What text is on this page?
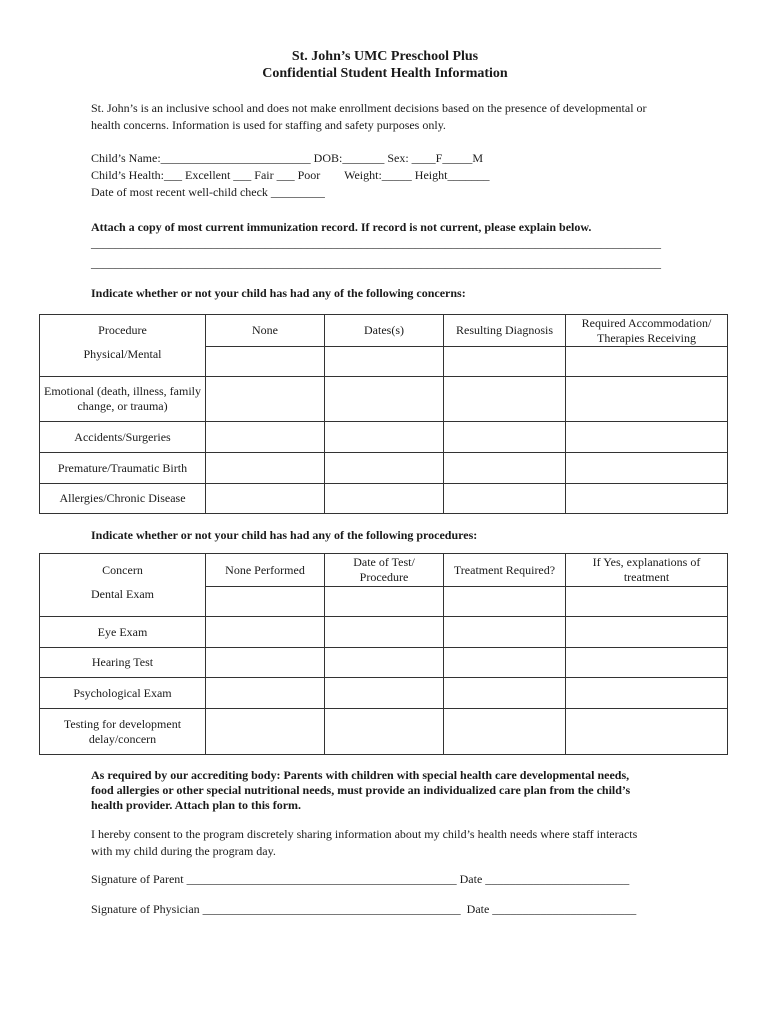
St. John’s UMC Preschool Plus
Confidential Student Health Information
St. John’s is an inclusive school and does not make enrollment decisions based on the presence of developmental or
health concerns. Information is used for staffing and safety purposes only.
Child’s Name:_________________________ DOB:_______ Sex: ____F_____M
Child’s Health:___ Excellent ___ Fair ___ Poor        Weight:_____ Height_______
Date of most recent well-child check _________
Attach a copy of most current immunization record. If record is not current, please explain below.
_______________________________________________________________________________________________
_______________________________________________________________________________________________
Indicate whether or not your child has had any of the following concerns:
Procedure	None	Dates(s)	Resulting Diagnosis	Required Accommodation/ Therapies Receiving
Physical/Mental				
Emotional (death, illness, family change, or trauma)				
Accidents/Surgeries				
Premature/Traumatic Birth				
Allergies/Chronic Disease				
Indicate whether or not your child has had any of the following procedures:
Concern	None Performed	Date of Test/ Procedure	Treatment Required?	If Yes, explanations of treatment
Dental Exam				
Eye Exam				
Hearing Test				
Psychological Exam				
Testing for development delay/concern				
As required by our accrediting body: Parents with children with special health care developmental needs,
food allergies or other special nutritional needs, must provide an individualized care plan from the child’s
health provider. Attach plan to this form.
I hereby consent to the program discretely sharing information about my child’s health needs where staff interacts
with my child during the program day.
Signature of Parent _____________________________________________ Date ________________________
Signature of Physician ___________________________________________  Date ________________________
